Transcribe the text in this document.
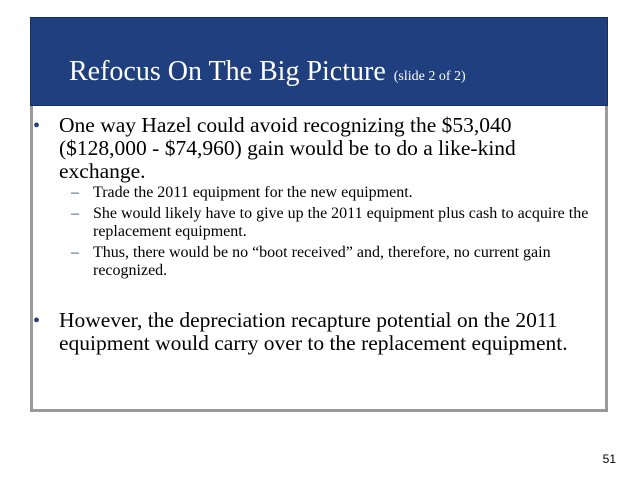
Refocus On The Big Picture (slide 2 of 2)
• One way Hazel could avoid recognizing the $53,040 ($128,000 - $74,960) gain would be to do a like-kind exchange.
– Trade the 2011 equipment for the new equipment.
– She would likely have to give up the 2011 equipment plus cash to acquire the replacement equipment.
– Thus, there would be no “boot received” and, therefore, no current gain recognized.
• However, the depreciation recapture potential on the 2011 equipment would carry over to the replacement equipment.
51
